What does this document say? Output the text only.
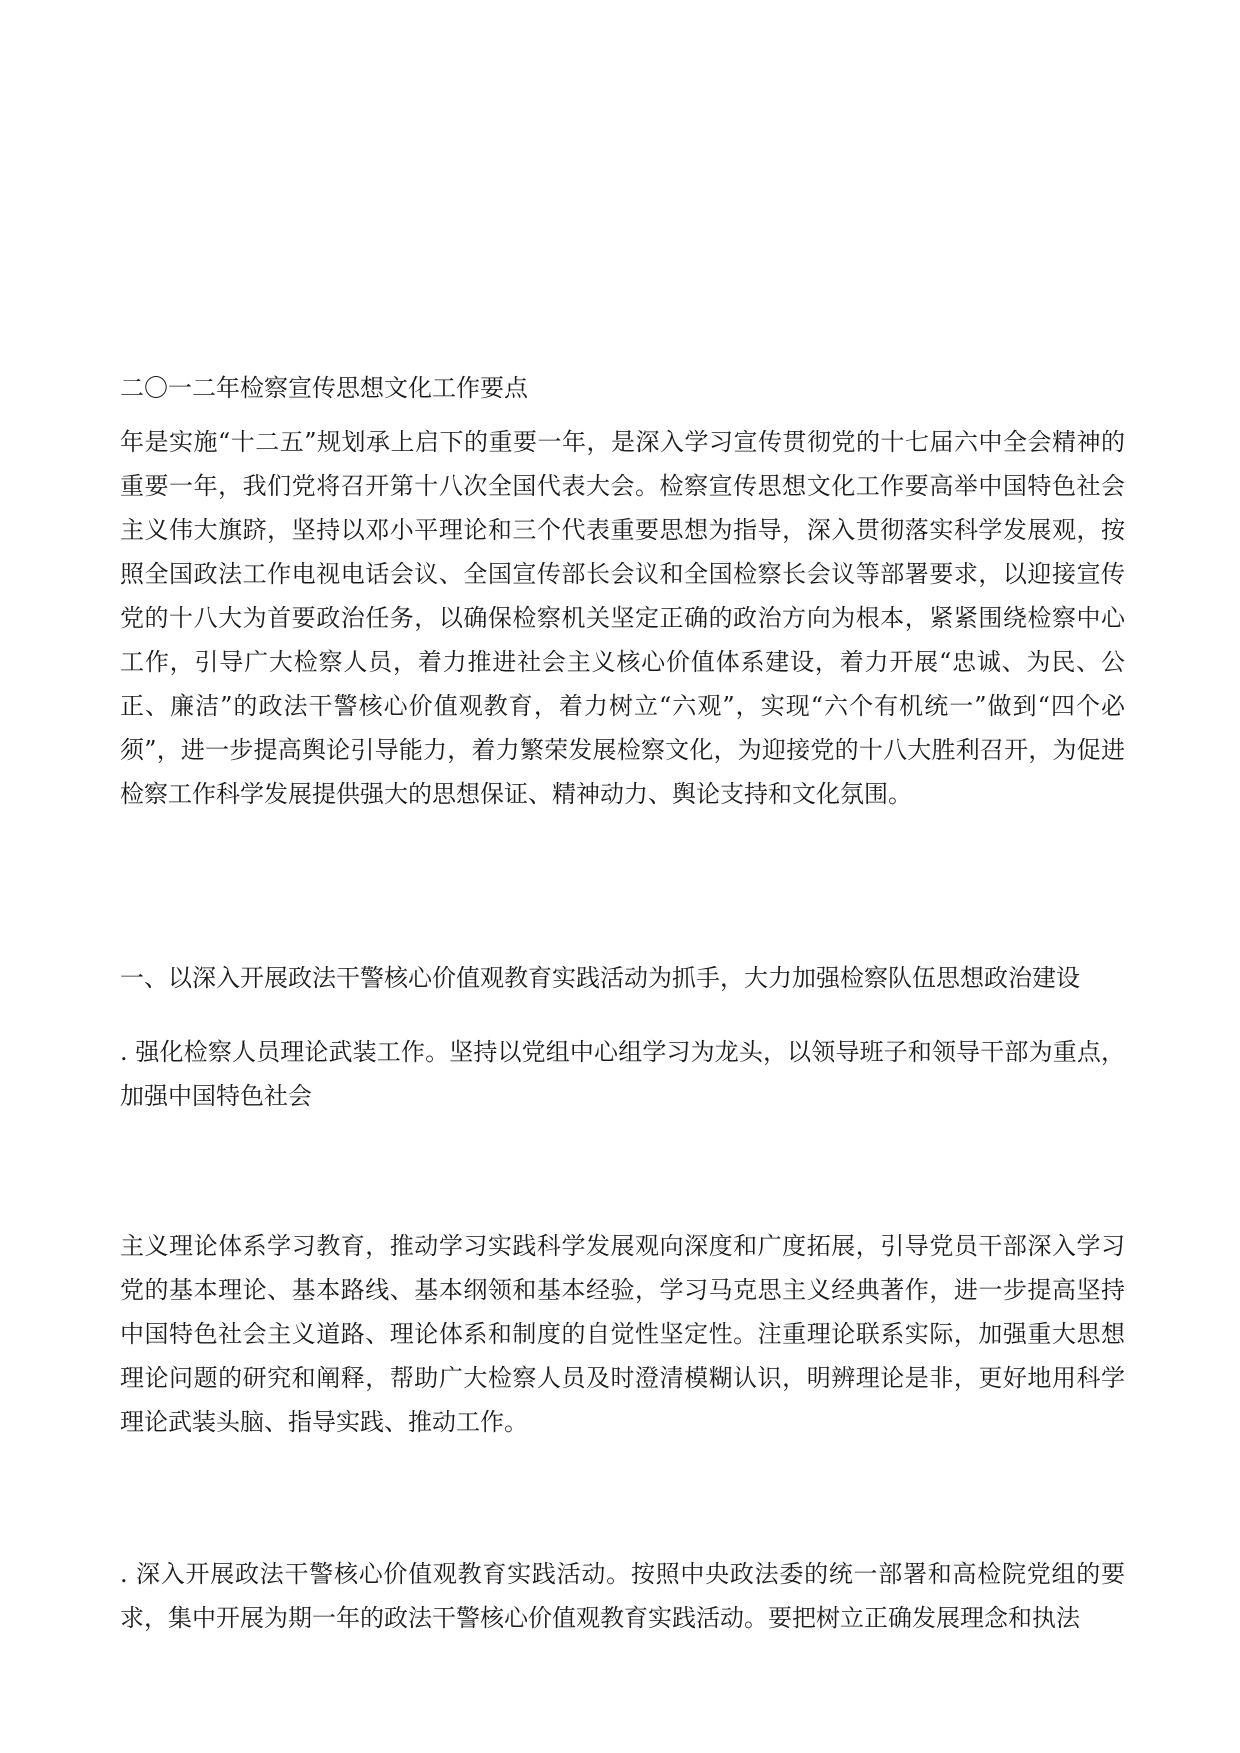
二〇一二年检察宣传思想文化工作要点
年是实施“十二五”规划承上启下的重要一年，是深入学习宣传贯彻党的十七届六中全会精神的重要一年，我们党将召开第十八次全国代表大会。检察宣传思想文化工作要高举中国特色社会主义伟大旗跻，坚持以邓小平理论和三个代表重要思想为指导，深入贯彻落实科学发展观，按照全国政法工作电视电话会议、全国宣传部长会议和全国检察长会议等部署要求，以迎接宣传党的十八大为首要政治任务，以确保检察机关坚定正确的政治方向为根本，紧紧围绕检察中心工作，引导广大检察人员，着力推进社会主义核心价值体系建设，着力开展“忠诚、为民、公正、廉洁”的政法干警核心价值观教育，着力树立“六观”，实现“六个有机统一”做到“四个必须”，进一步提高舆论引导能力，着力繁荣发展检察文化，为迎接党的十八大胜利召开，为促进检察工作科学发展提供强大的思想保证、精神动力、舆论支持和文化氛围。
一、以深入开展政法干警核心价值观教育实践活动为抓手，大力加强检察队伍思想政治建设
. 强化检察人员理论武装工作。坚持以党组中心组学习为龙头，以领导班子和领导干部为重点，加强中国特色社会
主义理论体系学习教育，推动学习实践科学发展观向深度和广度拓展，引导党员干部深入学习党的基本理论、基本路线、基本纲领和基本经验，学习马克思主义经典著作，进一步提高坚持中国特色社会主义道路、理论体系和制度的自觉性坚定性。注重理论联系实际，加强重大思想理论问题的研究和阐释，帮助广大检察人员及时澄清模糊认识，明辨理论是非，更好地用科学理论武装头脑、指导实践、推动工作。
. 深入开展政法干警核心价值观教育实践活动。按照中央政法委的统一部署和高检院党组的要求，集中开展为期一年的政法干警核心价值观教育实践活动。要把树立正确发展理念和执法
